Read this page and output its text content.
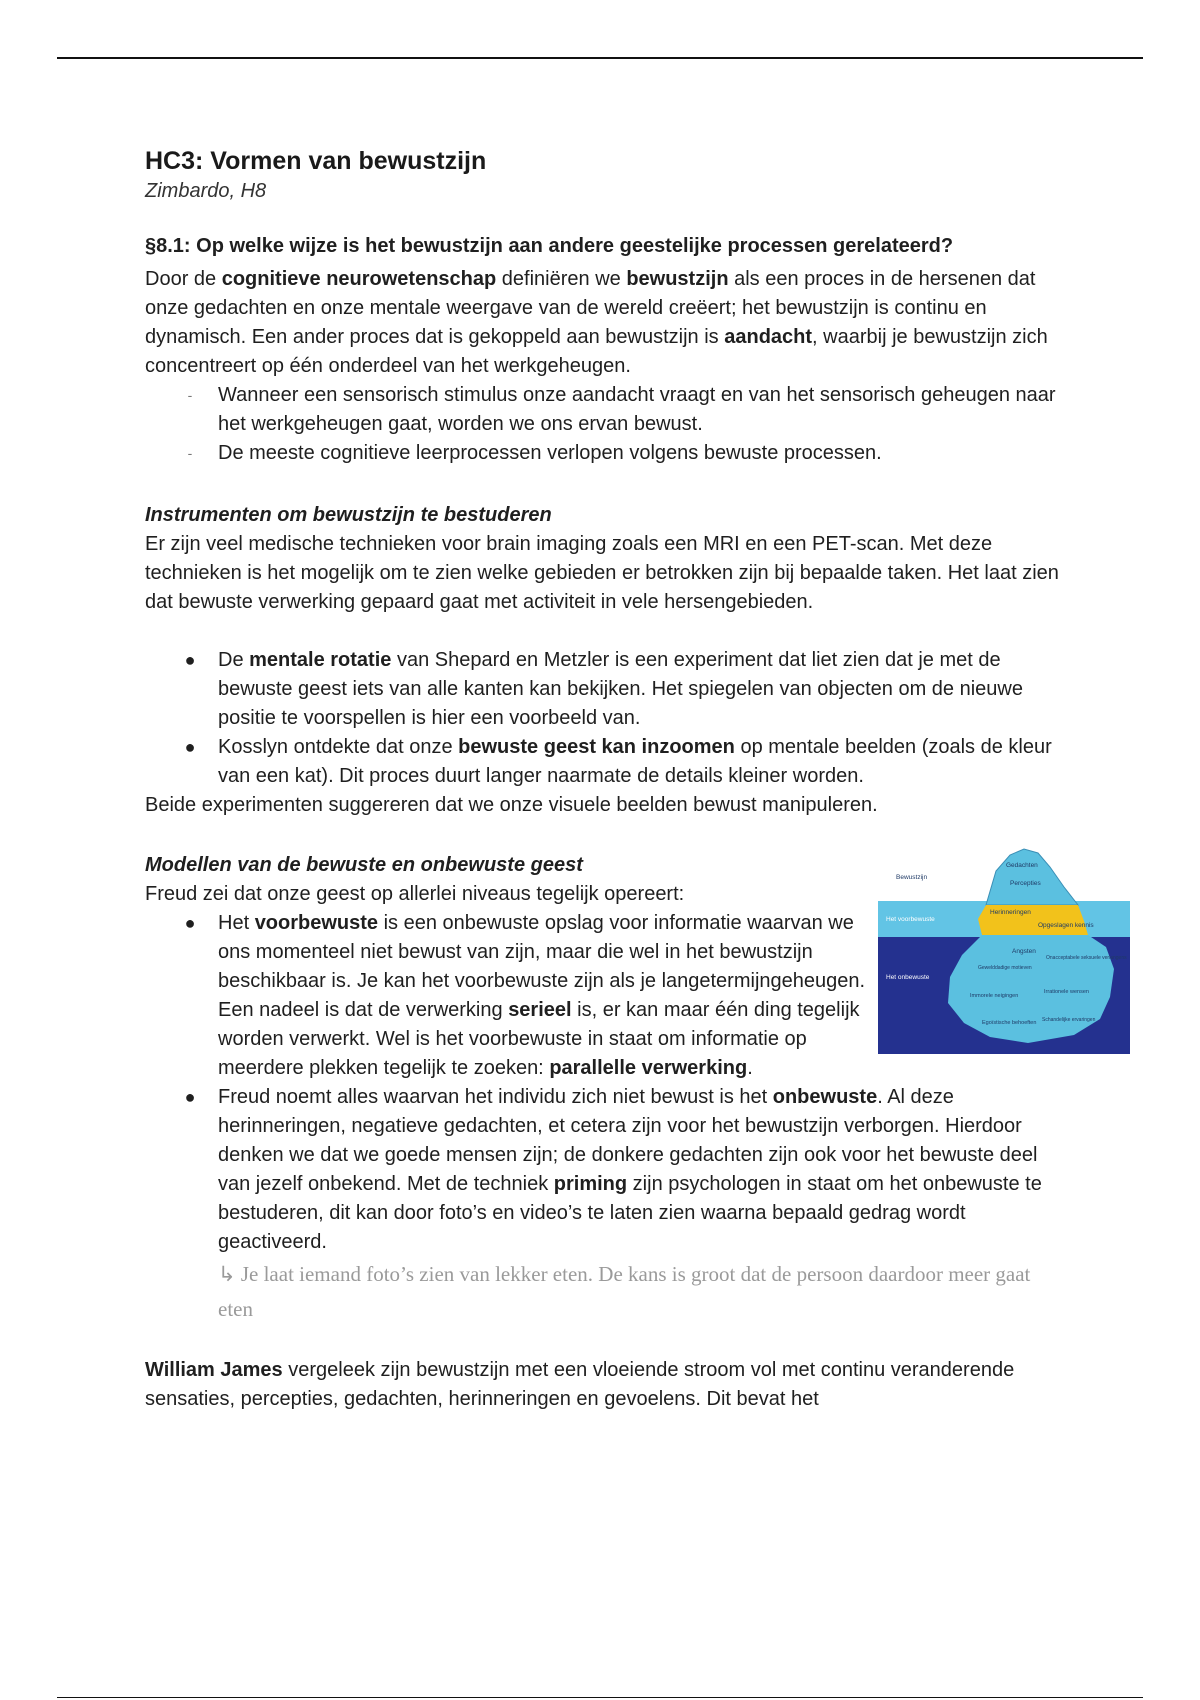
HC3: Vormen van bewustzijn

Zimbardo, H8

§8.1: Op welke wijze is het bewustzijn aan andere geestelijke processen gerelateerd?

Door de cognitieve neurowetenschap definiëren we bewustzijn als een proces in de hersenen dat onze gedachten en onze mentale weergave van de wereld creëert; het bewustzijn is continu en dynamisch. Een ander proces dat is gekoppeld aan bewustzijn is aandacht, waarbij je bewustzijn zich concentreert op één onderdeel van het werkgeheugen.

- Wanneer een sensorisch stimulus onze aandacht vraagt en van het sensorisch geheugen naar het werkgeheugen gaat, worden we ons ervan bewust.
- De meeste cognitieve leerprocessen verlopen volgens bewuste processen.

Instrumenten om bewustzijn te bestuderen

Er zijn veel medische technieken voor brain imaging zoals een MRI en een PET-scan. Met deze technieken is het mogelijk om te zien welke gebieden er betrokken zijn bij bepaalde taken. Het laat zien dat bewuste verwerking gepaard gaat met activiteit in vele hersengebieden.

● De mentale rotatie van Shepard en Metzler is een experiment dat liet zien dat je met de bewuste geest iets van alle kanten kan bekijken. Het spiegelen van objecten om de nieuwe positie te voorspellen is hier een voorbeeld van.
● Kosslyn ontdekte dat onze bewuste geest kan inzoomen op mentale beelden (zoals de kleur van een kat). Dit proces duurt langer naarmate de details kleiner worden.

Beide experimenten suggereren dat we onze visuele beelden bewust manipuleren.

Modellen van de bewuste en onbewuste geest

Bewustzijn
Gedachten
Percepties
Herinneringen
Opgeslagen kennis
Angsten
Gewelddadige motieven
Onacceptabele seksuele verlangens
Immorele neigingen
Irrationele wensen
Egoïstische behoeften Schandelijke ervaringen
Het voorbewuste
Het onbewuste

Freud zei dat onze geest op allerlei niveaus tegelijk opereert:

● Het voorbewuste is een onbewuste opslag voor informatie waarvan we ons momenteel niet bewust van zijn, maar die wel in het bewustzijn beschikbaar is. Je kan het voorbewuste zijn als je langetermijngeheugen. Een nadeel is dat de verwerking serieel is, er kan maar één ding tegelijk worden verwerkt. Wel is het voorbewuste in staat om informatie op meerdere plekken tegelijk te zoeken: parallelle verwerking.
● Freud noemt alles waarvan het individu zich niet bewust is het onbewuste. Al deze herinneringen, negatieve gedachten, et cetera zijn voor het bewustzijn verborgen. Hierdoor denken we dat we goede mensen zijn; de donkere gedachten zijn ook voor het bewuste deel van jezelf onbekend. Met de techniek priming zijn psychologen in staat om het onbewuste te bestuderen, dit kan door foto’s en video’s te laten zien waarna bepaald gedrag wordt geactiveerd.
↳ Je laat iemand foto’s zien van lekker eten. De kans is groot dat de persoon daardoor meer gaat eten

William James vergeleek zijn bewustzijn met een vloeiende stroom vol met continu veranderende sensaties, percepties, gedachten, herinneringen en gevoelens. Dit bevat het
